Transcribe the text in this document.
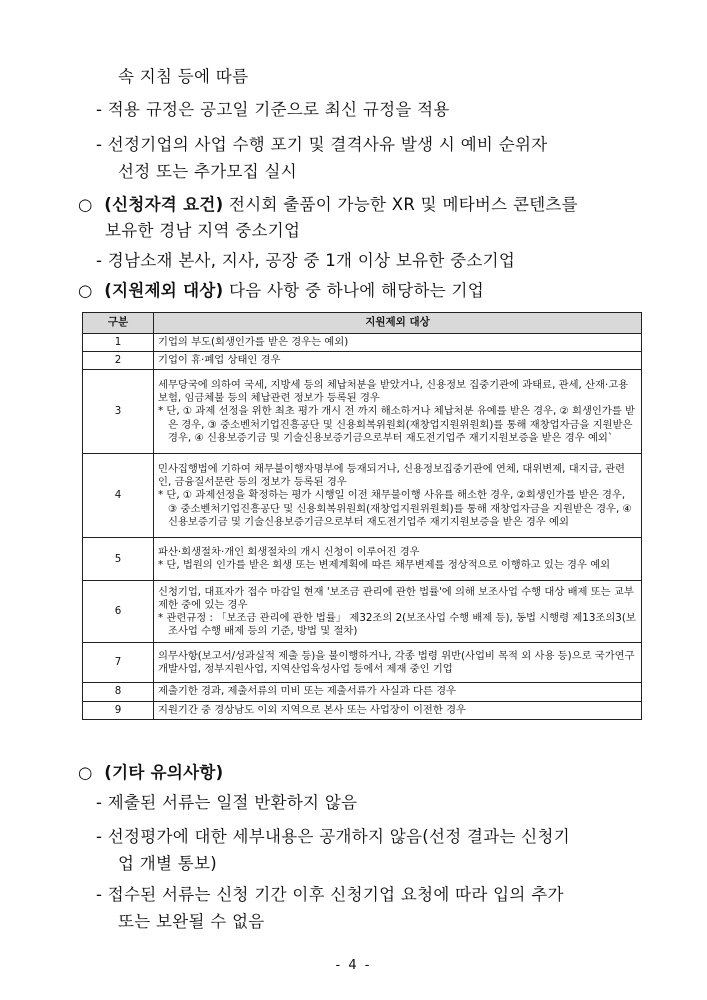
속 지침 등에 따름
- 적용 규정은 공고일 기준으로 최신 규정을 적용
- 선정기업의 사업 수행 포기 및 결격사유 발생 시 예비 순위자
선정 또는 추가모집 실시
○ (신청자격 요건) 전시회 출품이 가능한 XR 및 메타버스 콘텐츠를
보유한 경남 지역 중소기업
- 경남소재 본사, 지사, 공장 중 1개 이상 보유한 중소기업
○ (지원제외 대상) 다음 사항 중 하나에 해당하는 기업
구분	지원제외 대상
1	기업의 부도(회생인가를 받은 경우는 예외)

2	기업이 휴·폐업 상태인 경우

3	세무당국에 의하여 국세, 지방세 등의 체납처분을 받았거나, 신용정보 집중기관에 과태료, 관세, 산재·고용보험, 임금체불 등의 체납관련 정보가 등록된 경우
* 단, ① 과제 선정을 위한 최초 평가 개시 전 까지 해소하거나 체납처분 유예를 받은 경우, ② 회생인가를 받은 경우, ③ 중소벤처기업진흥공단 및 신용회복위원회(재창업지원위원회)를 통해 재창업자금을 지원받은 경우, ④ 신용보증기금 및 기술신용보증기금으로부터 재도전기업주 재기지원보증을 받은 경우 예외`

4	민사집행법에 기하여 채무불이행자명부에 등재되거나, 신용정보집중기관에 연체, 대위변제, 대지급, 관련인, 금융질서문란 등의 정보가 등록된 경우
* 단, ① 과제선정을 확정하는 평가 시행일 이전 채무불이행 사유를 해소한 경우, ②회생인가를 받은 경우, ③ 중소벤처기업진흥공단 및 신용회복위원회(재창업지원위원회)를 통해 재창업자금을 지원받은 경우, ④ 신용보증기금 및 기술신용보증기금으로부터 재도전기업주 재기지원보증을 받은 경우 예외

5	파산·회생절차·개인 회생절차의 개시 신청이 이루어진 경우
* 단, 법원의 인가를 받은 회생 또는 변제계획에 따른 채무변제를 정상적으로 이행하고 있는 경우 예외

6	신청기업, 대표자가 접수 마감일 현재 '보조금 관리에 관한 법률'에 의해 보조사업 수행 대상 배제 또는 교부 제한 중에 있는 경우
* 관련규정 : 「보조금 관리에 관한 법률」 제32조의 2(보조사업 수행 배제 등), 동법 시행령 제13조의3(보조사업 수행 배제 등의 기준, 방법 및 절차)

7	의무사항(보고서/성과실적 제출 등)을 불이행하거나, 각종 법령 위반(사업비 목적 외 사용 등)으로 국가연구개발사업, 정부지원사업, 지역산업육성사업 등에서 제재 중인 기업

8	제출기한 경과, 제출서류의 미비 또는 제출서류가 사실과 다른 경우

9	지원기간 중 경상남도 이외 지역으로 본사 또는 사업장이 이전한 경우
○ (기타 유의사항)
- 제출된 서류는 일절 반환하지 않음
- 선정평가에 대한 세부내용은 공개하지 않음(선정 결과는 신청기
업 개별 통보)
- 접수된 서류는 신청 기간 이후 신청기업 요청에 따라 입의 추가
또는 보완될 수 없음
- 4 -
